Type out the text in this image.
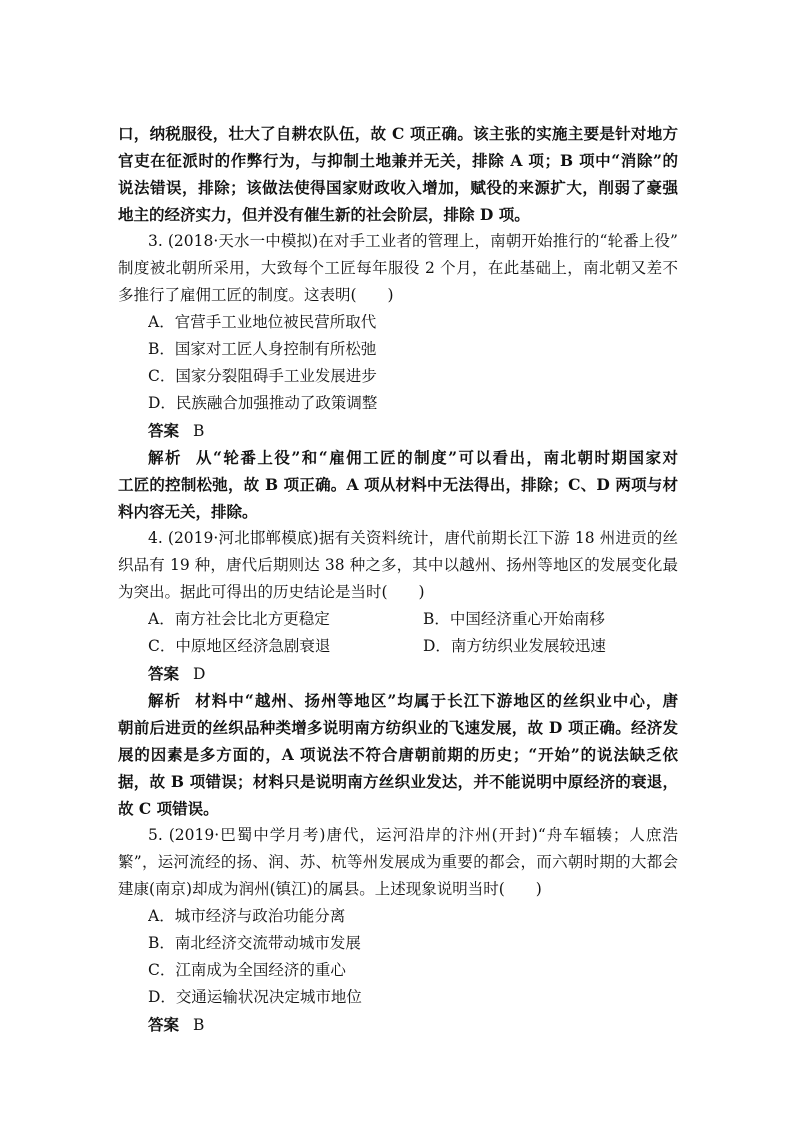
口，纳税服役，壮大了自耕农队伍，故 C 项正确。该主张的实施主要是针对地方
官吏在征派时的作弊行为，与抑制土地兼并无关，排除 A 项；B 项中“消除”的
说法错误，排除；该做法使得国家财政收入增加，赋役的来源扩大，削弱了豪强
地主的经济实力，但并没有催生新的社会阶层，排除 D 项。
3. (2018·天水一中模拟)在对手工业者的管理上，南朝开始推行的“轮番上役”
制度被北朝所采用，大致每个工匠每年服役 2 个月，在此基础上，南北朝又差不
多推行了雇佣工匠的制度。这表明(　　)
A．官营手工业地位被民营所取代
B．国家对工匠人身控制有所松弛
C．国家分裂阻碍手工业发展进步
D．民族融合加强推动了政策调整
答案 B
解析 从“轮番上役”和“雇佣工匠的制度”可以看出，南北朝时期国家对
工匠的控制松弛，故 B 项正确。A 项从材料中无法得出，排除；C、D 两项与材
料内容无关，排除。
4. (2019·河北邯郸模底)据有关资料统计，唐代前期长江下游 18 州进贡的丝
织品有 19 种，唐代后期则达 38 种之多，其中以越州、扬州等地区的发展变化最
为突出。据此可得出的历史结论是当时(　　)
A．南方社会比北方更稳定	B．中国经济重心开始南移
C．中原地区经济急剧衰退	D．南方纺织业发展较迅速
答案 D
解析 材料中“越州、扬州等地区”均属于长江下游地区的丝织业中心，唐
朝前后进贡的丝织品种类增多说明南方纺织业的飞速发展，故 D 项正确。经济发
展的因素是多方面的，A 项说法不符合唐朝前期的历史；“开始”的说法缺乏依
据，故 B 项错误；材料只是说明南方丝织业发达，并不能说明中原经济的衰退，
故 C 项错误。
5. (2019·巴蜀中学月考)唐代，运河沿岸的汴州(开封)“舟车辐辏；人庶浩
繁”，运河流经的扬、润、苏、杭等州发展成为重要的都会，而六朝时期的大都会
建康(南京)却成为润州(镇江)的属县。上述现象说明当时(　　)
A．城市经济与政治功能分离
B．南北经济交流带动城市发展
C．江南成为全国经济的重心
D．交通运输状况决定城市地位
答案 B
